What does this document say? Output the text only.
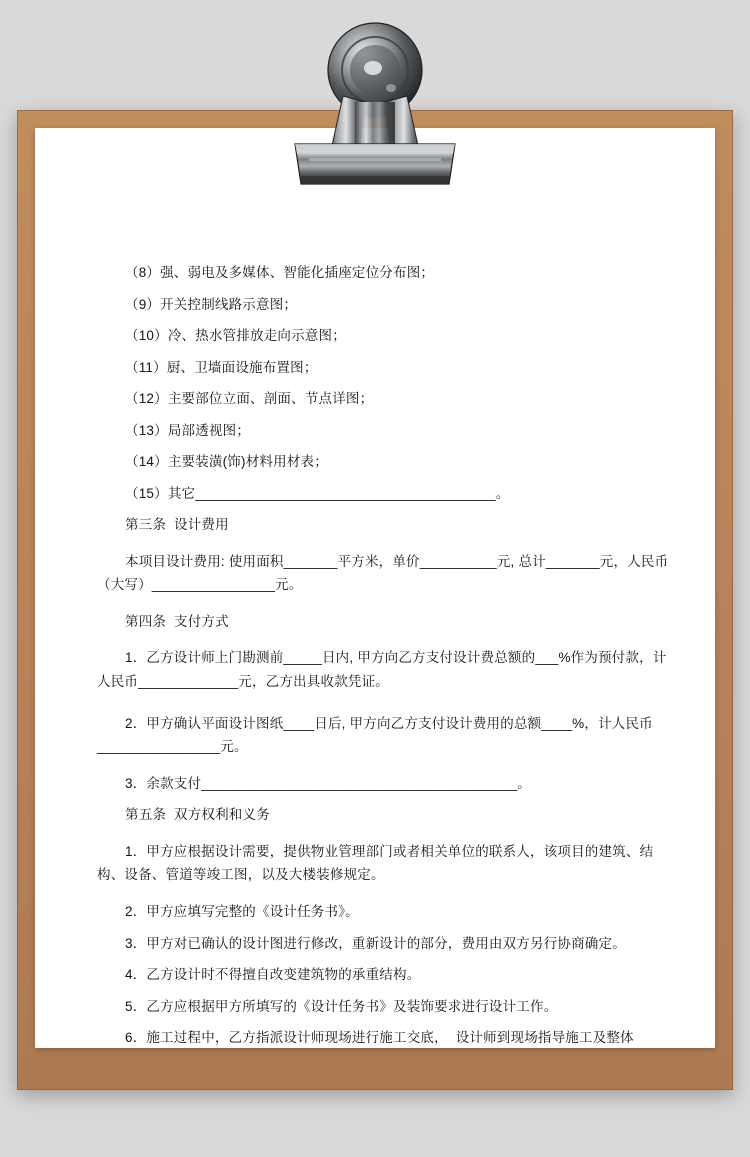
（8）强、弱电及多媒体、智能化插座定位分布图；
（9）开关控制线路示意图；
（10）冷、热水管排放走向示意图；
（11）厨、卫墙面设施布置图；
（12）主要部位立面、剖面、节点详图；
（13）局部透视图；
（14）主要装潢(饰)材料用材表；
（15）其它_______________________________________。
第三条  设计费用
本项目设计费用: 使用面积_______平方米，单价__________元, 总计_______元，人民币（大写）________________元。
第四条  支付方式
1．乙方设计师上门勘测前_____日内, 甲方向乙方支付设计费总额的___%作为预付款，计人民币_____________元，乙方出具收款凭证。
2．甲方确认平面设计图纸____日后, 甲方向乙方支付设计费用的总额____%，计人民币________________元。
3．余款支付_________________________________________。
第五条  双方权利和义务
1．甲方应根据设计需要，提供物业管理部门或者相关单位的联系人，该项目的建筑、结构、设备、管道等竣工图，以及大楼装修规定。
2．甲方应填写完整的《设计任务书》。
3．甲方对已确认的设计图进行修改，重新设计的部分，费用由双方另行协商确定。
4．乙方设计时不得擅自改变建筑物的承重结构。
5．乙方应根据甲方所填写的《设计任务书》及装饰要求进行设计工作。
6．施工过程中，乙方指派设计师现场进行施工交底，  设计师到现场指导施工及整体
